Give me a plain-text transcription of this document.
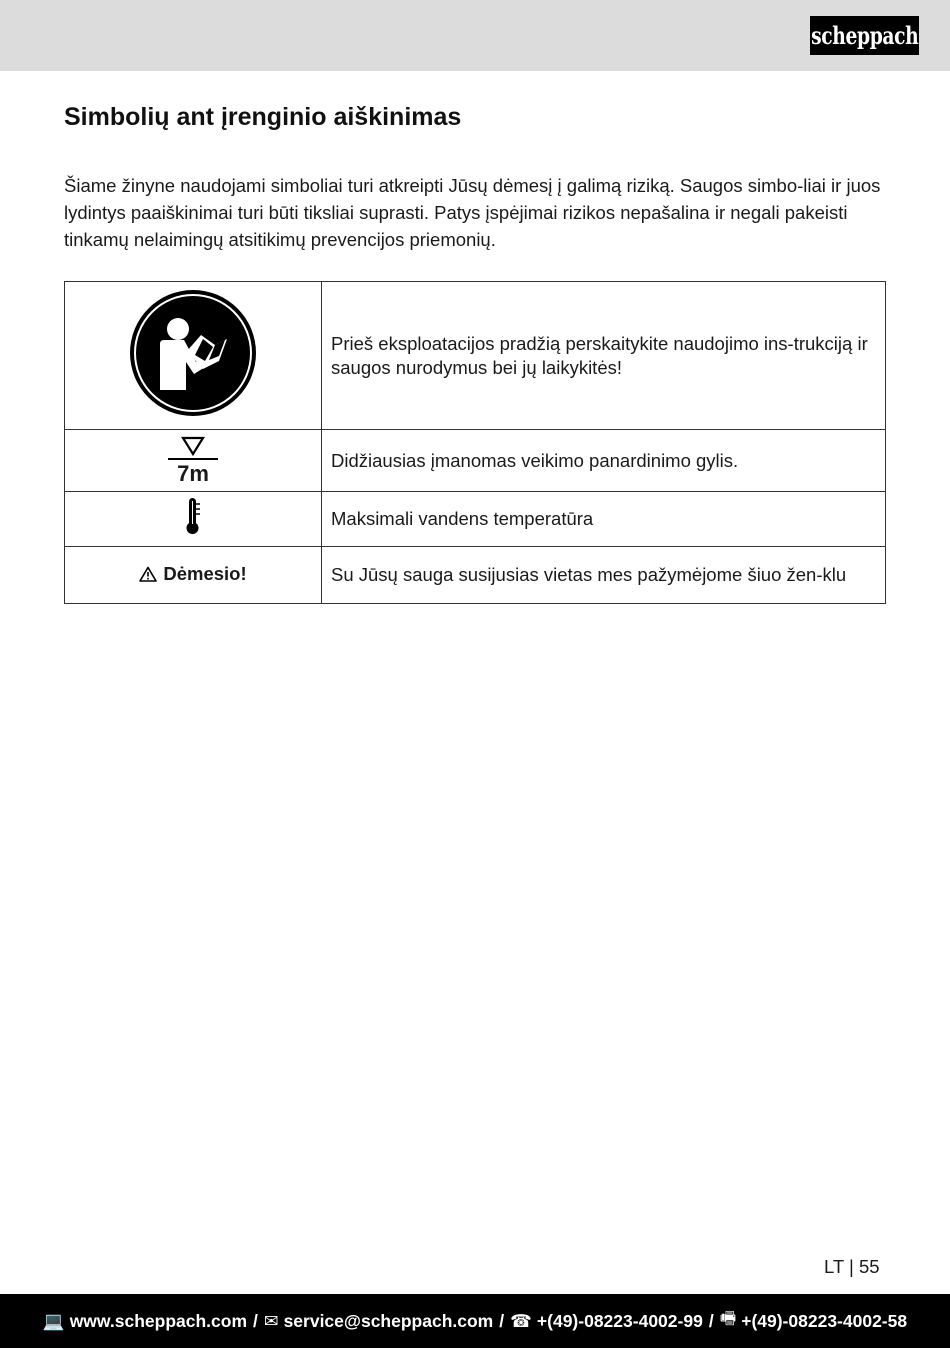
scheppach
Simbolių ant įrenginio aiškinimas

Šiame žinyne naudojami simboliai turi atkreipti Jūsų dėmesį į galimą riziką. Saugos simbo-liai ir juos lydintys paaiškinimai turi būti tiksliai suprasti. Patys įspėjimai rizikos nepašalina ir negali pakeisti tinkamų nelaimingų atsitikimų prevencijos priemonių.

	Prieš eksploatacijos pradžią perskaitykite naudojimo ins-trukciją ir saugos nurodymus bei jų laikykitės!

7m	Didžiausias įmanomas veikimo panardinimo gylis.
	Maksimali vandens temperatūra

Dėmesio!	Su Jūsų sauga susijusias vietas mes pažymėjome šiuo žen-klu
LT | 55
💻 www.scheppach.com / ✉ service@scheppach.com / ☎ +(49)-08223-4002-99 / 🖷 +(49)-08223-4002-58
